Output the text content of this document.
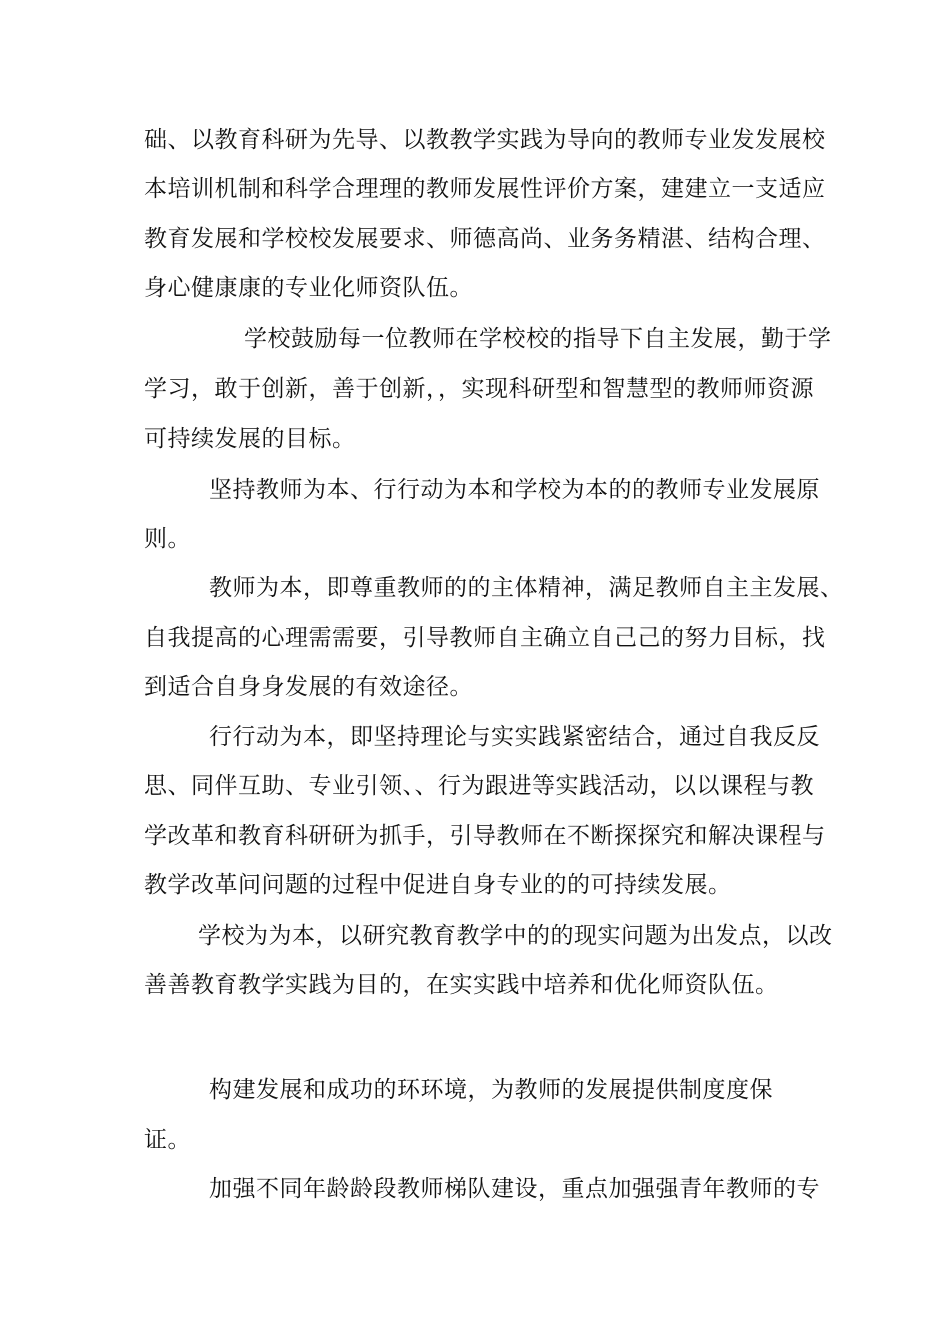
础、以教育科研为先导、以教教学实践为导向的教师专业发发展校
本培训机制和科学合理理的教师发展性评价方案，建建立一支适应
教育发展和学校校发展要求、师德高尚、业务务精湛、结构合理、
身心健康康的专业化师资队伍。
学校鼓励每一位教师在学校校的指导下自主发展，勤于学
学习，敢于创新，善于创新，，实现科研型和智慧型的教师师资源
可持续发展的目标。
坚持教师为本、行行动为本和学校为本的的教师专业发展原
则。
教师为本，即尊重教师的的主体精神，满足教师自主主发展、
自我提高的心理需需要，引导教师自主确立自己己的努力目标，找
到适合自身身发展的有效途径。
行行动为本，即坚持理论与实实践紧密结合，通过自我反反
思、同伴互助、专业引领、、行为跟进等实践活动，以以课程与教
学改革和教育科研研为抓手，引导教师在不断探探究和解决课程与
教学改革问问题的过程中促进自身专业的的可持续发展。
学校为为本，以研究教育教学中的的现实问题为出发点，以改
善善教育教学实践为目的，在实实践中培养和优化师资队伍。
构建发展和成功的环环境，为教师的发展提供制度度保
证。
加强不同年龄龄段教师梯队建设，重点加强强青年教师的专
